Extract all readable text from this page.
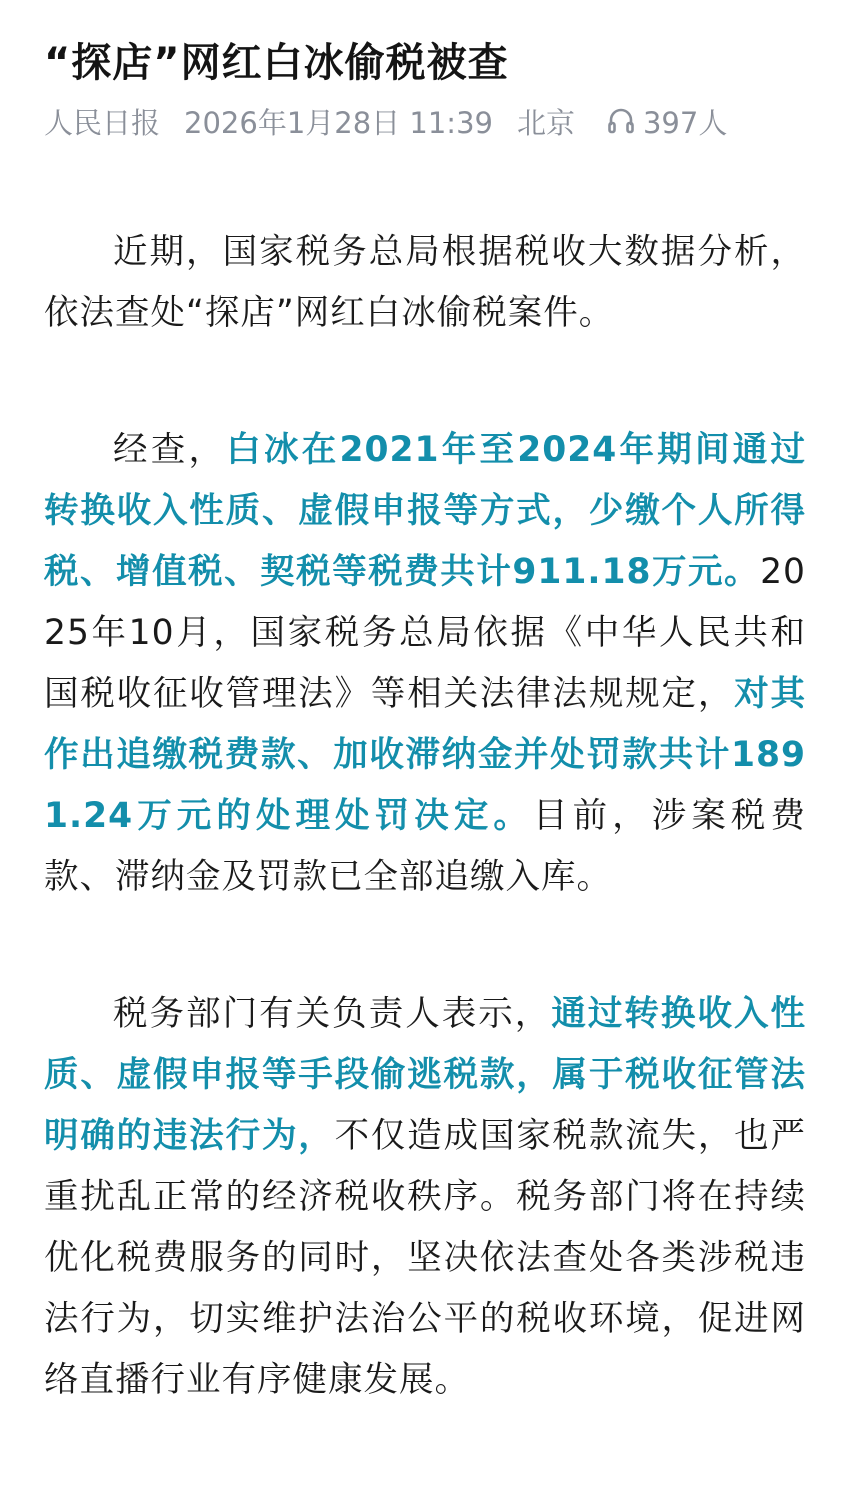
“探店”网红白冰偷税被查
人民日报 2026年1月28日 11:39 北京 397人

近期，国家税务总局根据税收大数据分析，依法查处“探店”网红白冰偷税案件。

经查，白冰在2021年至2024年期间通过转换收入性质、虚假申报等方式，少缴个人所得税、增值税、契税等税费共计911.18万元。2025年10月，国家税务总局依据《中华人民共和国税收征收管理法》等相关法律法规规定，对其作出追缴税费款、加收滞纳金并处罚款共计1891.24万元的处理处罚决定。目前，涉案税费款、滞纳金及罚款已全部追缴入库。

税务部门有关负责人表示，通过转换收入性质、虚假申报等手段偷逃税款，属于税收征管法明确的违法行为，不仅造成国家税款流失，也严重扰乱正常的经济税收秩序。税务部门将在持续优化税费服务的同时，坚决依法查处各类涉税违法行为，切实维护法治公平的税收环境，促进网络直播行业有序健康发展。
